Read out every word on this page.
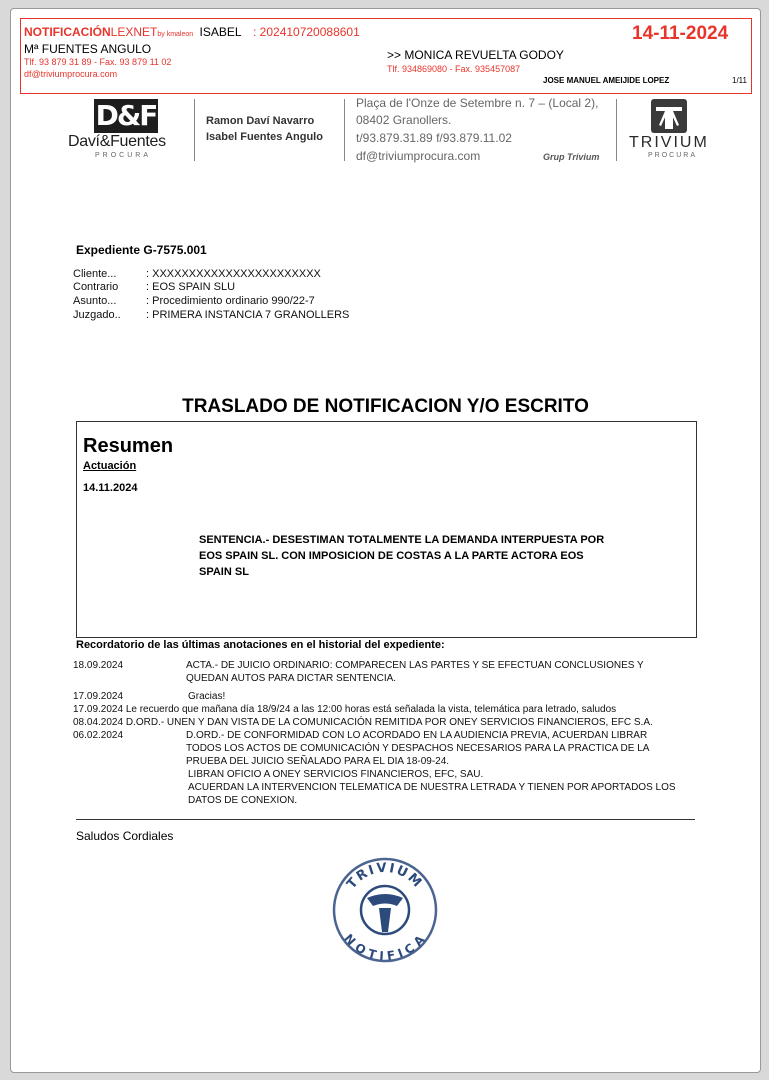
NOTIFICACIÓNLEXNETby kmaleon ISABEL : 202410720088601	14-11-2024
Mª FUENTES ANGULO
Tlf. 93 879 31 89 - Fax. 93 879 11 02
df@triviumprocura.com
>> MONICA REVUELTA GODOY
Tlf. 934869080 - Fax. 935457087
JOSE MANUEL AMEIJIDE LOPEZ	1/11
D&F
Daví&Fuentes
PROCURA
Ramon Daví Navarro
Isabel Fuentes Angulo
Plaça de l'Onze de Setembre n. 7 – (Local 2),
08402 Granollers.
t/93.879.31.89 f/93.879.11.02
df@triviumprocura.com	Grup Trivium
TRIVIUM
PROCURA
Expediente G-7575.001
Cliente...	: XXXXXXXXXXXXXXXXXXXXXXX
Contrario	: EOS SPAIN SLU
Asunto...	: Procedimiento ordinario 990/22-7
Juzgado.. : PRIMERA INSTANCIA 7 GRANOLLERS
TRASLADO DE NOTIFICACION Y/O ESCRITO
Resumen
Actuación
14.11.2024
SENTENCIA.- DESESTIMAN TOTALMENTE LA DEMANDA INTERPUESTA POR
EOS SPAIN SL. CON IMPOSICION DE COSTAS A LA PARTE ACTORA EOS
SPAIN SL
Recordatorio de las últimas anotaciones en el historial del expediente:
18.09.2024	ACTA.- DE JUICIO ORDINARIO: COMPARECEN LAS PARTES Y SE EFECTUAN CONCLUSIONES Y
QUEDAN AUTOS PARA DICTAR SENTENCIA.
17.09.2024	Gracias!
17.09.2024 Le recuerdo que mañana día 18/9/24 a las 12:00 horas está señalada la vista, telemática para letrado, saludos
08.04.2024 D.ORD.- UNEN Y DAN VISTA DE LA COMUNICACIÓN REMITIDA POR ONEY SERVICIOS FINANCIEROS, EFC S.A.
06.02.2024	D.ORD.- DE CONFORMIDAD CON LO ACORDADO EN LA AUDIENCIA PREVIA, ACUERDAN LIBRAR
TODOS LOS ACTOS DE COMUNICACIÓN Y DESPACHOS NECESARIOS PARA LA PRACTICA DE LA
PRUEBA DEL JUICIO SEÑALADO PARA EL DIA 18-09-24.
LIBRAN OFICIO A ONEY SERVICIOS FINANCIEROS, EFC, SAU.
ACUERDAN LA INTERVENCION TELEMATICA DE NUESTRA LETRADA Y TIENEN POR APORTADOS LOS
DATOS DE CONEXION.
Saludos Cordiales
TRIVIUM
NOTIFICA
